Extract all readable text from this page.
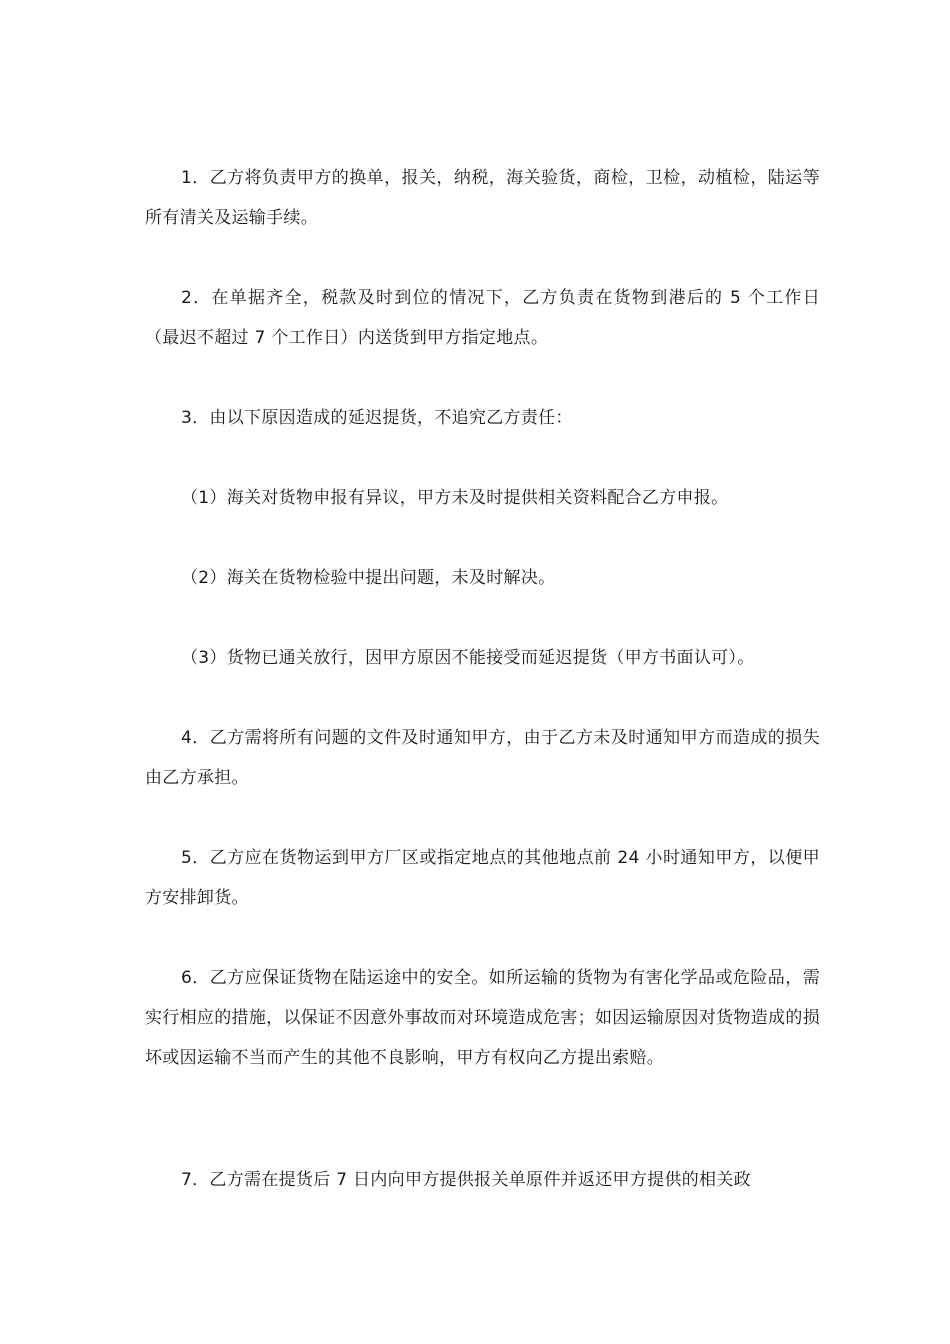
1．乙方将负责甲方的换单，报关，纳税，海关验货，商检，卫检，动植检，陆运等所有清关及运输手续。

2．在单据齐全，税款及时到位的情况下，乙方负责在货物到港后的 5 个工作日（最迟不超过 7 个工作日）内送货到甲方指定地点。

3．由以下原因造成的延迟提货，不追究乙方责任：

（1）海关对货物申报有异议，甲方未及时提供相关资料配合乙方申报。

（2）海关在货物检验中提出问题，未及时解决。

（3）货物已通关放行，因甲方原因不能接受而延迟提货（甲方书面认可）。

4．乙方需将所有问题的文件及时通知甲方，由于乙方未及时通知甲方而造成的损失由乙方承担。

5．乙方应在货物运到甲方厂区或指定地点的其他地点前 24 小时通知甲方，以便甲方安排卸货。

6．乙方应保证货物在陆运途中的安全。如所运输的货物为有害化学品或危险品，需实行相应的措施，以保证不因意外事故而对环境造成危害；如因运输原因对货物造成的损坏或因运输不当而产生的其他不良影响，甲方有权向乙方提出索赔。

7．乙方需在提货后 7 日内向甲方提供报关单原件并返还甲方提供的相关政
